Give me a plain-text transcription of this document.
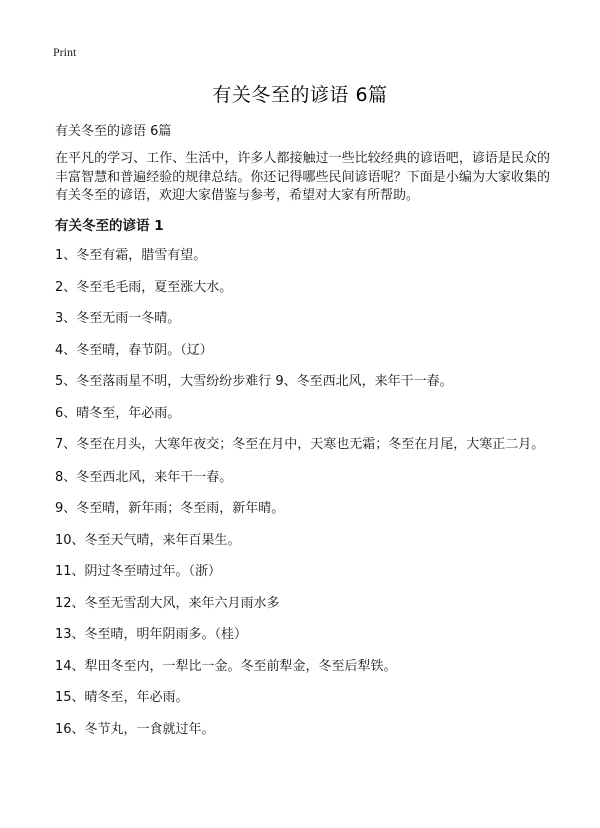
Print
有关冬至的谚语 6篇
有关冬至的谚语 6篇
在平凡的学习、工作、生活中，许多人都接触过一些比较经典的谚语吧，谚语是民众的丰富智慧和普遍经验的规律总结。你还记得哪些民间谚语呢？下面是小编为大家收集的有关冬至的谚语，欢迎大家借鉴与参考，希望对大家有所帮助。
有关冬至的谚语 1
1、冬至有霜，腊雪有望。
2、冬至毛毛雨，夏至涨大水。
3、冬至无雨一冬晴。
4、冬至晴，春节阴。（辽）
5、冬至落雨星不明，大雪纷纷步难行 9、冬至西北风，来年干一春。
6、晴冬至，年必雨。
7、冬至在月头，大寒年夜交；冬至在月中，天寒也无霜；冬至在月尾，大寒正二月。
8、冬至西北风，来年干一春。
9、冬至晴，新年雨；冬至雨，新年晴。
10、冬至天气晴，来年百果生。
11、阴过冬至晴过年。（浙）
12、冬至无雪刮大风，来年六月雨水多
13、冬至晴，明年阴雨多。（桂）
14、犁田冬至内，一犁比一金。冬至前犁金，冬至后犁铁。
15、晴冬至，年必雨。
16、冬节丸，一食就过年。
